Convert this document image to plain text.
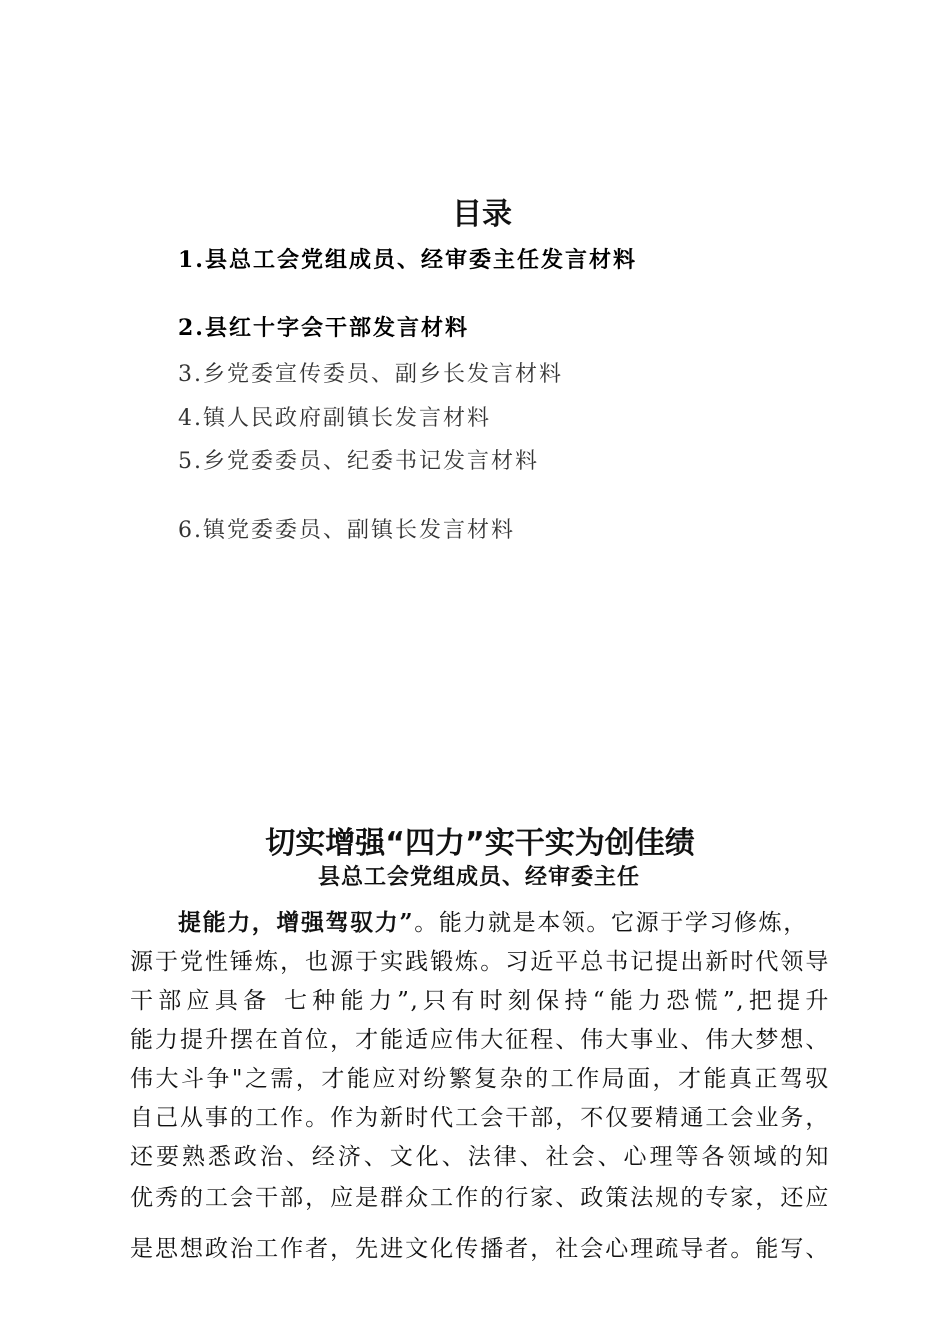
目录
1.县总工会党组成员、经审委主任发言材料
2.县红十字会干部发言材料
3.乡党委宣传委员、副乡长发言材料
4.镇人民政府副镇长发言材料
5.乡党委委员、纪委书记发言材料
6.镇党委委员、副镇长发言材料
切实增强“四力”实干实为创佳绩
县总工会党组成员、经审委主任
提能力，增强驾驭力”。能力就是本领。它源于学习修炼，
源于党性锤炼，也源于实践锻炼。习近平总书记提出新时代领导
干部应具备 七种能力”,只有时刻保持“能力恐慌”,把提升
能力提升摆在首位，才能适应伟大征程、伟大事业、伟大梦想、
伟大斗争"之需，才能应对纷繁复杂的工作局面，才能真正驾驭
自己从事的工作。作为新时代工会干部，不仅要精通工会业务，
还要熟悉政治、经济、文化、法律、社会、心理等各领域的知
优秀的工会干部，应是群众工作的行家、政策法规的专家，还应
是思想政治工作者，先进文化传播者，社会心理疏导者。能写、
